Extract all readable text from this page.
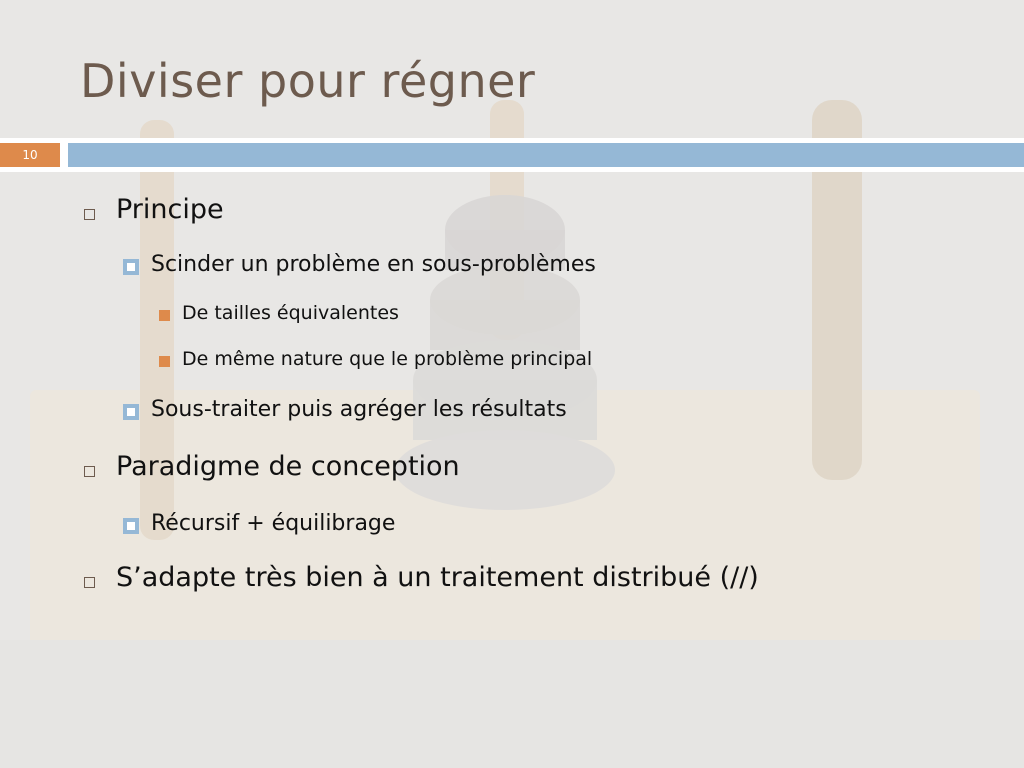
Diviser pour régner
10
Principe
Scinder un problème en sous-problèmes
De tailles équivalentes
De même nature que le problème principal
Sous-traiter puis agréger les résultats
Paradigme de conception
Récursif + équilibrage
S’adapte très bien à un traitement distribué (//)
